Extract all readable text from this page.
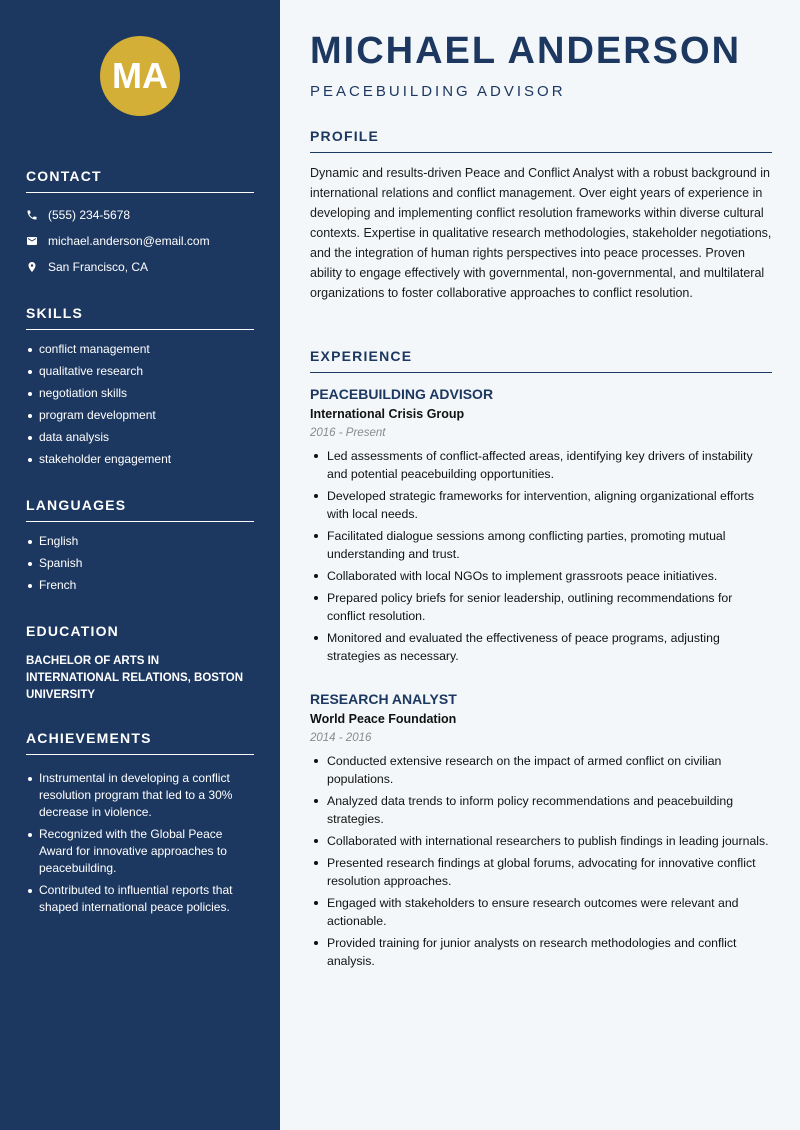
MA
CONTACT
(555) 234-5678
michael.anderson@email.com
San Francisco, CA
SKILLS
conflict management
qualitative research
negotiation skills
program development
data analysis
stakeholder engagement
LANGUAGES
English
Spanish
French
EDUCATION
BACHELOR OF ARTS IN INTERNATIONAL RELATIONS, BOSTON UNIVERSITY
ACHIEVEMENTS
Instrumental in developing a conflict resolution program that led to a 30% decrease in violence.
Recognized with the Global Peace Award for innovative approaches to peacebuilding.
Contributed to influential reports that shaped international peace policies.
MICHAEL ANDERSON
PEACEBUILDING ADVISOR
PROFILE

Dynamic and results-driven Peace and Conflict Analyst with a robust background in international relations and conflict management. Over eight years of experience in developing and implementing conflict resolution frameworks within diverse cultural contexts. Expertise in qualitative research methodologies, stakeholder negotiations, and the integration of human rights perspectives into peace processes. Proven ability to engage effectively with governmental, non-governmental, and multilateral organizations to foster collaborative approaches to conflict resolution.

EXPERIENCE
PEACEBUILDING ADVISOR
International Crisis Group
2016 - Present
Led assessments of conflict-affected areas, identifying key drivers of instability and potential peacebuilding opportunities.
Developed strategic frameworks for intervention, aligning organizational efforts with local needs.
Facilitated dialogue sessions among conflicting parties, promoting mutual understanding and trust.
Collaborated with local NGOs to implement grassroots peace initiatives.
Prepared policy briefs for senior leadership, outlining recommendations for conflict resolution.
Monitored and evaluated the effectiveness of peace programs, adjusting strategies as necessary.
RESEARCH ANALYST
World Peace Foundation
2014 - 2016
Conducted extensive research on the impact of armed conflict on civilian populations.
Analyzed data trends to inform policy recommendations and peacebuilding strategies.
Collaborated with international researchers to publish findings in leading journals.
Presented research findings at global forums, advocating for innovative conflict resolution approaches.
Engaged with stakeholders to ensure research outcomes were relevant and actionable.
Provided training for junior analysts on research methodologies and conflict analysis.
